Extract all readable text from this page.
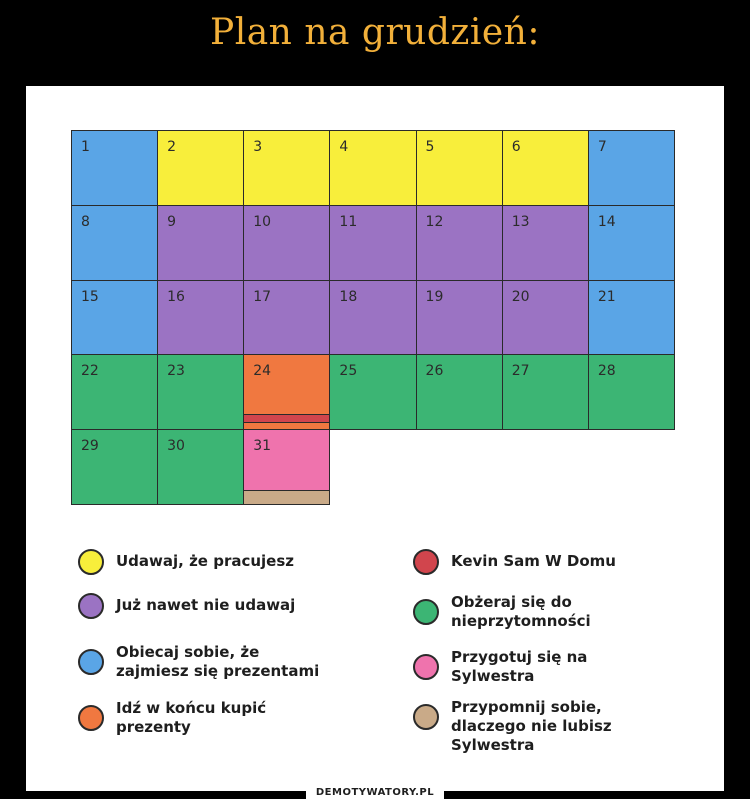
Plan na grudzień:
1	2	3	4	5	6	7
8	9	10	11	12	13	14
15	16	17	18	19	20	21
22	23	24	25	26	27	28
29	30	31
Udawaj, że pracujesz
Już nawet nie udawaj
Obiecaj sobie, że
zajmiesz się prezentami
Idź w końcu kupić
prezenty
Kevin Sam W Domu
Obżeraj się do
nieprzytomności
Przygotuj się na
Sylwestra
Przypomnij sobie,
dlaczego nie lubisz
Sylwestra
DEMOTYWATORY.PL
